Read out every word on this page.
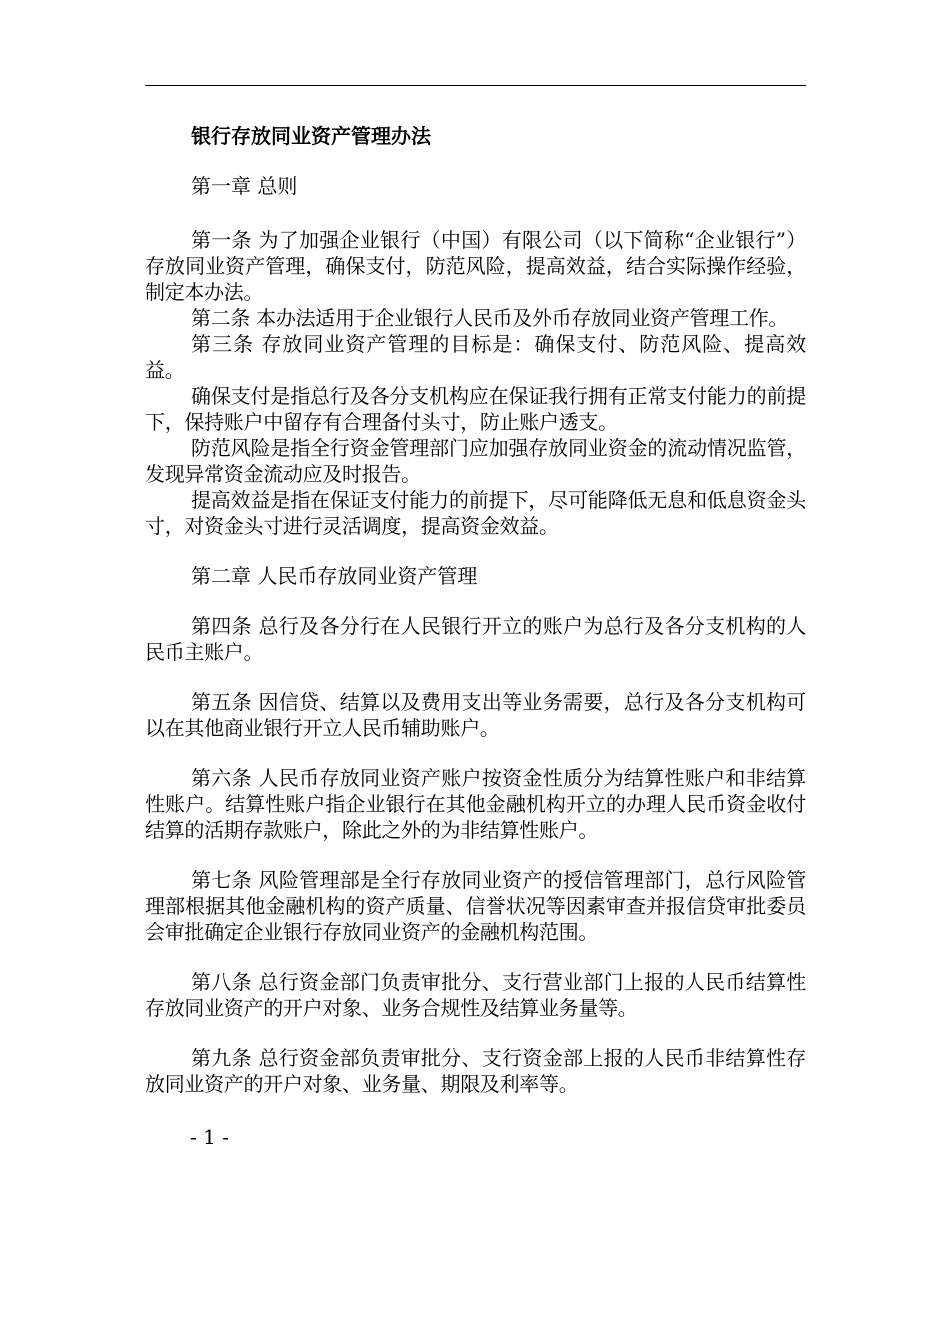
银行存放同业资产管理办法

第一章 总则

第一条 为了加强企业银行（中国）有限公司（以下简称“企业银行”）存放同业资产管理，确保支付，防范风险，提高效益，结合实际操作经验，制定本办法。

第二条 本办法适用于企业银行人民币及外币存放同业资产管理工作。

第三条 存放同业资产管理的目标是：确保支付、防范风险、提高效益。

确保支付是指总行及各分支机构应在保证我行拥有正常支付能力的前提下，保持账户中留存有合理备付头寸，防止账户透支。

防范风险是指全行资金管理部门应加强存放同业资金的流动情况监管，发现异常资金流动应及时报告。

提高效益是指在保证支付能力的前提下，尽可能降低无息和低息资金头寸，对资金头寸进行灵活调度，提高资金效益。

第二章 人民币存放同业资产管理

第四条 总行及各分行在人民银行开立的账户为总行及各分支机构的人民币主账户。

第五条 因信贷、结算以及费用支出等业务需要，总行及各分支机构可以在其他商业银行开立人民币辅助账户。

第六条 人民币存放同业资产账户按资金性质分为结算性账户和非结算性账户。结算性账户指企业银行在其他金融机构开立的办理人民币资金收付结算的活期存款账户，除此之外的为非结算性账户。

第七条 风险管理部是全行存放同业资产的授信管理部门，总行风险管理部根据其他金融机构的资产质量、信誉状况等因素审查并报信贷审批委员会审批确定企业银行存放同业资产的金融机构范围。

第八条 总行资金部门负责审批分、支行营业部门上报的人民币结算性存放同业资产的开户对象、业务合规性及结算业务量等。

第九条 总行资金部负责审批分、支行资金部上报的人民币非结算性存放同业资产的开户对象、业务量、期限及利率等。

- 1 -
